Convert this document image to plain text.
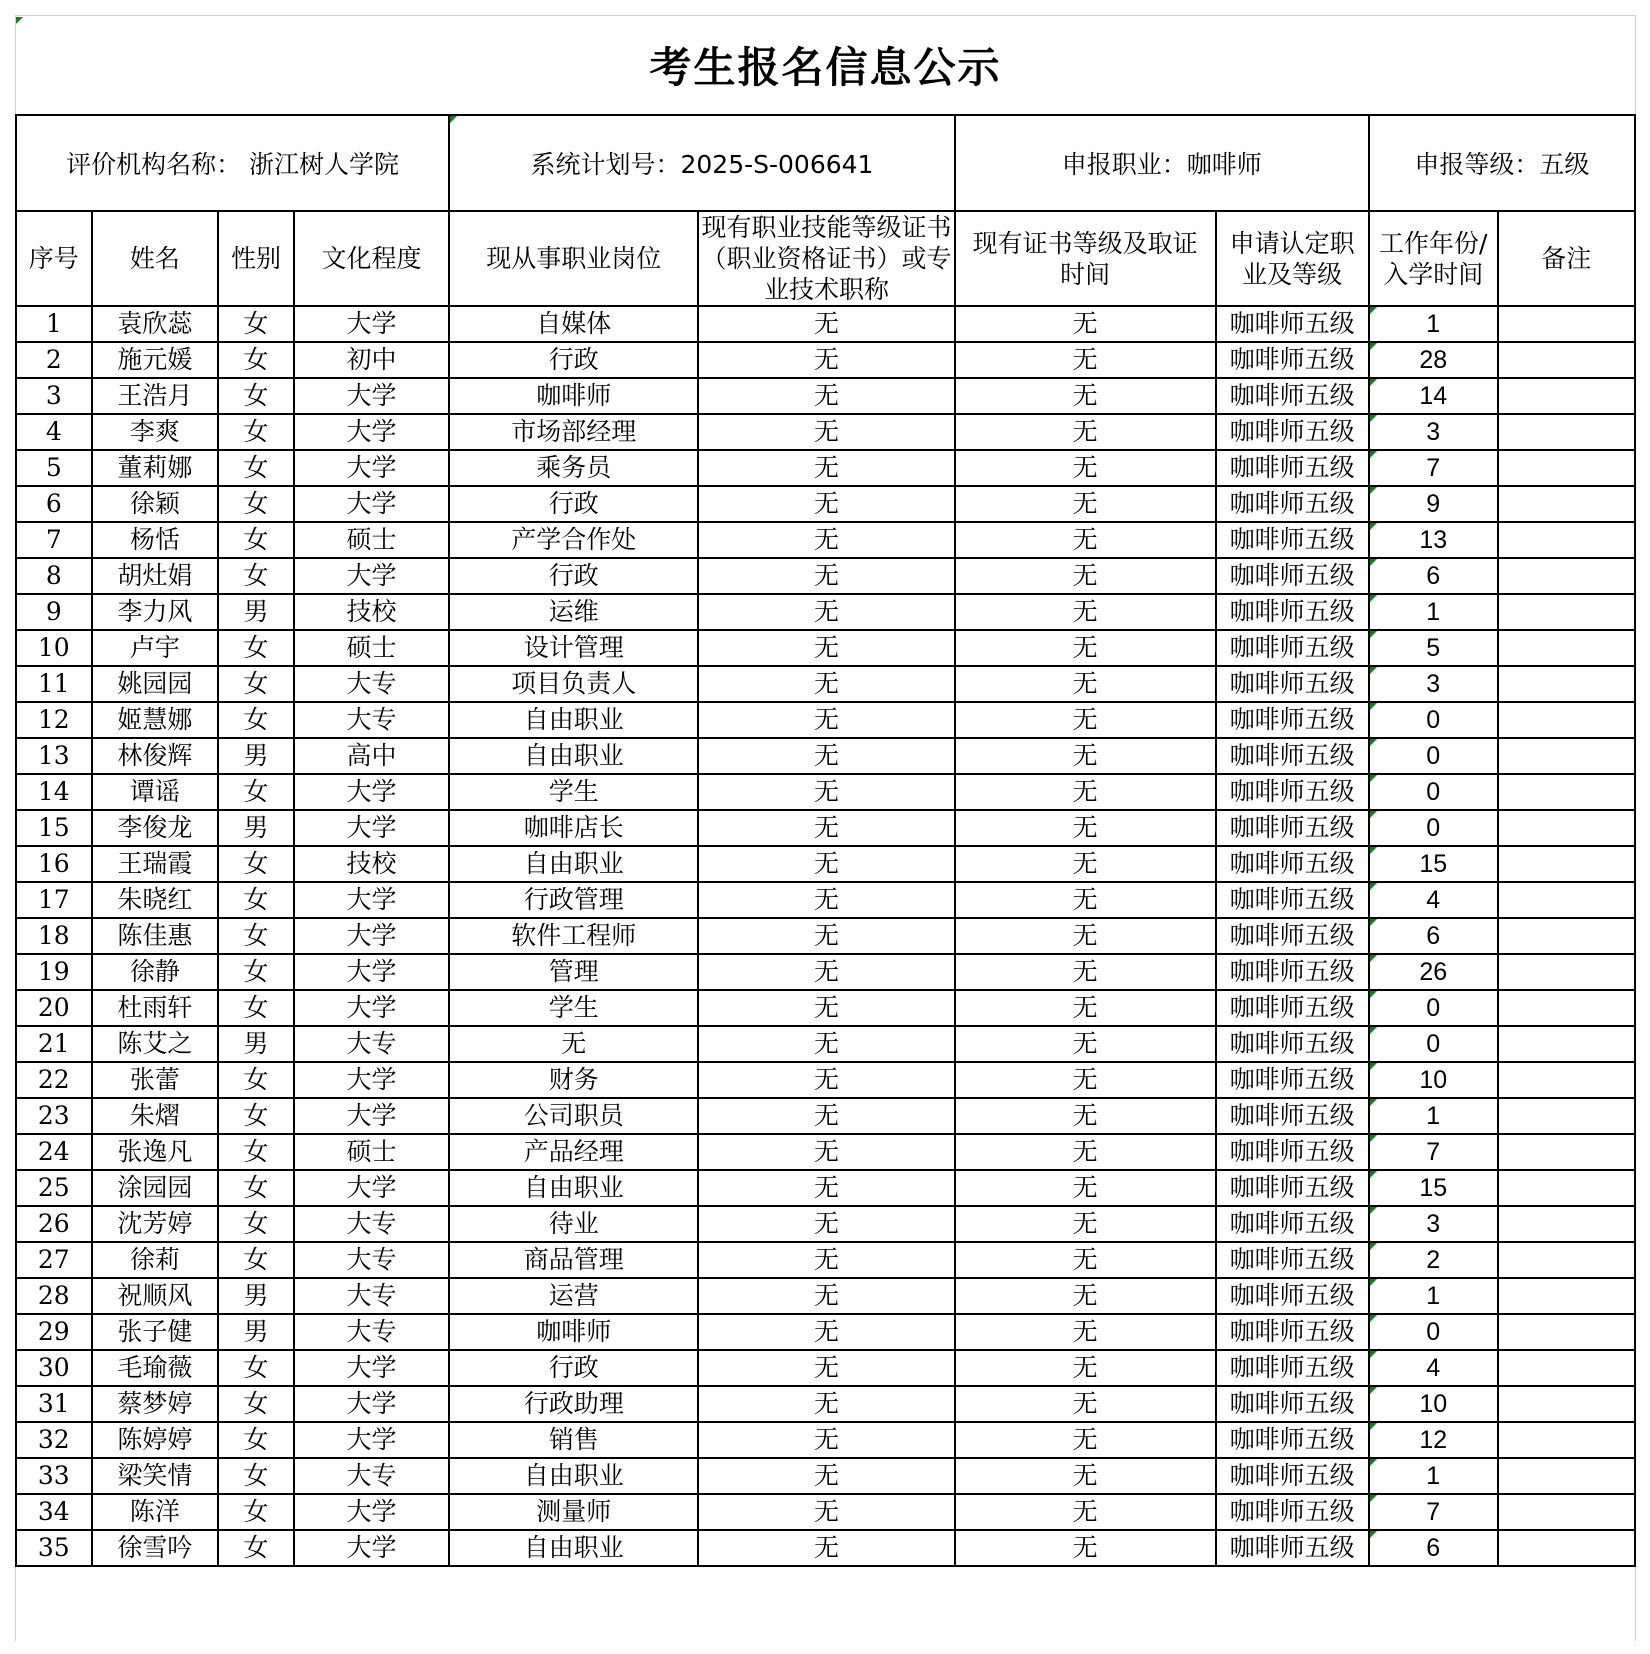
考生报名信息公示
评价机构名称： 浙江树人学院				系统计划号：2025-S-006641		申报职业：咖啡师		申报等级：五级	
序号	姓名	性别	文化程度	现从事职业岗位	现有职业技能等级证书（职业资格证书）或专业技术职称	现有证书等级及取证时间	申请认定职业及等级	工作年份/入学时间	备注
1	袁欣蕊	女	大学	自媒体	无	无	咖啡师五级	1

2	施元媛	女	初中	行政	无	无	咖啡师五级	28

3	王浩月	女	大学	咖啡师	无	无	咖啡师五级	14

4	李爽	女	大学	市场部经理	无	无	咖啡师五级	3

5	董莉娜	女	大学	乘务员	无	无	咖啡师五级	7

6	徐颖	女	大学	行政	无	无	咖啡师五级	9

7	杨恬	女	硕士	产学合作处	无	无	咖啡师五级	13

8	胡灶娟	女	大学	行政	无	无	咖啡师五级	6

9	李力风	男	技校	运维	无	无	咖啡师五级	1

10	卢宇	女	硕士	设计管理	无	无	咖啡师五级	5

11	姚园园	女	大专	项目负责人	无	无	咖啡师五级	3

12	姬慧娜	女	大专	自由职业	无	无	咖啡师五级	0

13	林俊辉	男	高中	自由职业	无	无	咖啡师五级	0

14	谭谣	女	大学	学生	无	无	咖啡师五级	0

15	李俊龙	男	大学	咖啡店长	无	无	咖啡师五级	0

16	王瑞霞	女	技校	自由职业	无	无	咖啡师五级	15

17	朱晓红	女	大学	行政管理	无	无	咖啡师五级	4

18	陈佳惠	女	大学	软件工程师	无	无	咖啡师五级	6

19	徐静	女	大学	管理	无	无	咖啡师五级	26

20	杜雨轩	女	大学	学生	无	无	咖啡师五级	0

21	陈艾之	男	大专	无	无	无	咖啡师五级	0

22	张蕾	女	大学	财务	无	无	咖啡师五级	10

23	朱熠	女	大学	公司职员	无	无	咖啡师五级	1

24	张逸凡	女	硕士	产品经理	无	无	咖啡师五级	7

25	涂园园	女	大学	自由职业	无	无	咖啡师五级	15

26	沈芳婷	女	大专	待业	无	无	咖啡师五级	3

27	徐莉	女	大专	商品管理	无	无	咖啡师五级	2

28	祝顺风	男	大专	运营	无	无	咖啡师五级	1

29	张子健	男	大专	咖啡师	无	无	咖啡师五级	0

30	毛瑜薇	女	大学	行政	无	无	咖啡师五级	4

31	蔡梦婷	女	大学	行政助理	无	无	咖啡师五级	10

32	陈婷婷	女	大学	销售	无	无	咖啡师五级	12

33	梁笑情	女	大专	自由职业	无	无	咖啡师五级	1

34	陈洋	女	大学	测量师	无	无	咖啡师五级	7

35	徐雪吟	女	大学	自由职业	无	无	咖啡师五级	6
